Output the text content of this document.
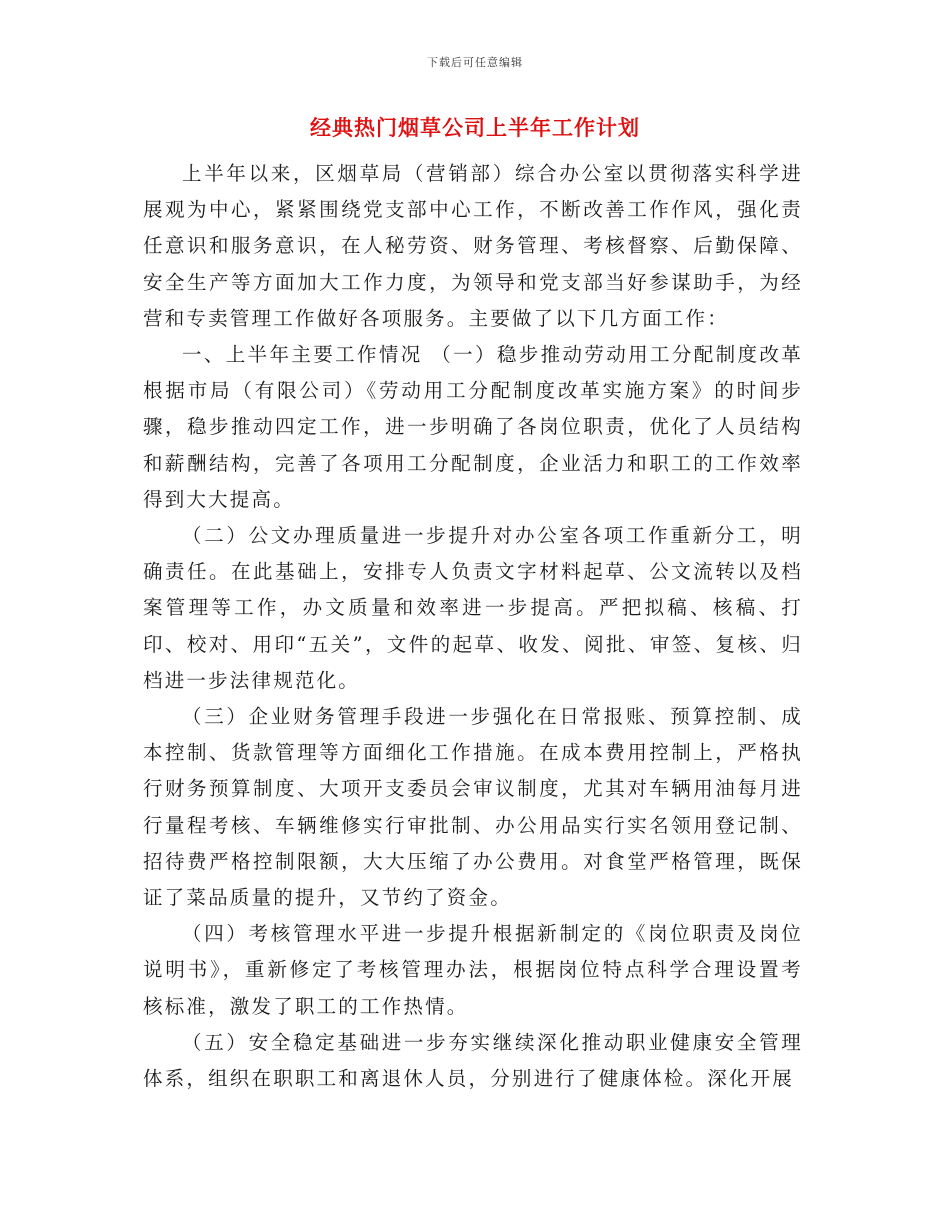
下载后可任意编辑
经典热门烟草公司上半年工作计划

上半年以来，区烟草局（营销部）综合办公室以贯彻落实科学进展观为中心，紧紧围绕党支部中心工作，不断改善工作作风，强化责任意识和服务意识，在人秘劳资、财务管理、考核督察、后勤保障、安全生产等方面加大工作力度，为领导和党支部当好参谋助手，为经营和专卖管理工作做好各项服务。主要做了以下几方面工作：

一、上半年主要工作情况 （一）稳步推动劳动用工分配制度改革根据市局（有限公司）《劳动用工分配制度改革实施方案》的时间步骤，稳步推动四定工作，进一步明确了各岗位职责，优化了人员结构和薪酬结构，完善了各项用工分配制度，企业活力和职工的工作效率得到大大提高。

（二）公文办理质量进一步提升对办公室各项工作重新分工，明确责任。在此基础上，安排专人负责文字材料起草、公文流转以及档案管理等工作，办文质量和效率进一步提高。严把拟稿、核稿、打印、校对、用印“五关”，文件的起草、收发、阅批、审签、复核、归档进一步法律规范化。

（三）企业财务管理手段进一步强化在日常报账、预算控制、成本控制、货款管理等方面细化工作措施。在成本费用控制上，严格执行财务预算制度、大项开支委员会审议制度，尤其对车辆用油每月进行量程考核、车辆维修实行审批制、办公用品实行实名领用登记制、招待费严格控制限额，大大压缩了办公费用。对食堂严格管理，既保证了菜品质量的提升，又节约了资金。

（四）考核管理水平进一步提升根据新制定的《岗位职责及岗位说明书》，重新修定了考核管理办法，根据岗位特点科学合理设置考核标准，激发了职工的工作热情。

（五）安全稳定基础进一步夯实继续深化推动职业健康安全管理体系，组织在职职工和离退休人员，分别进行了健康体检。深化开展
